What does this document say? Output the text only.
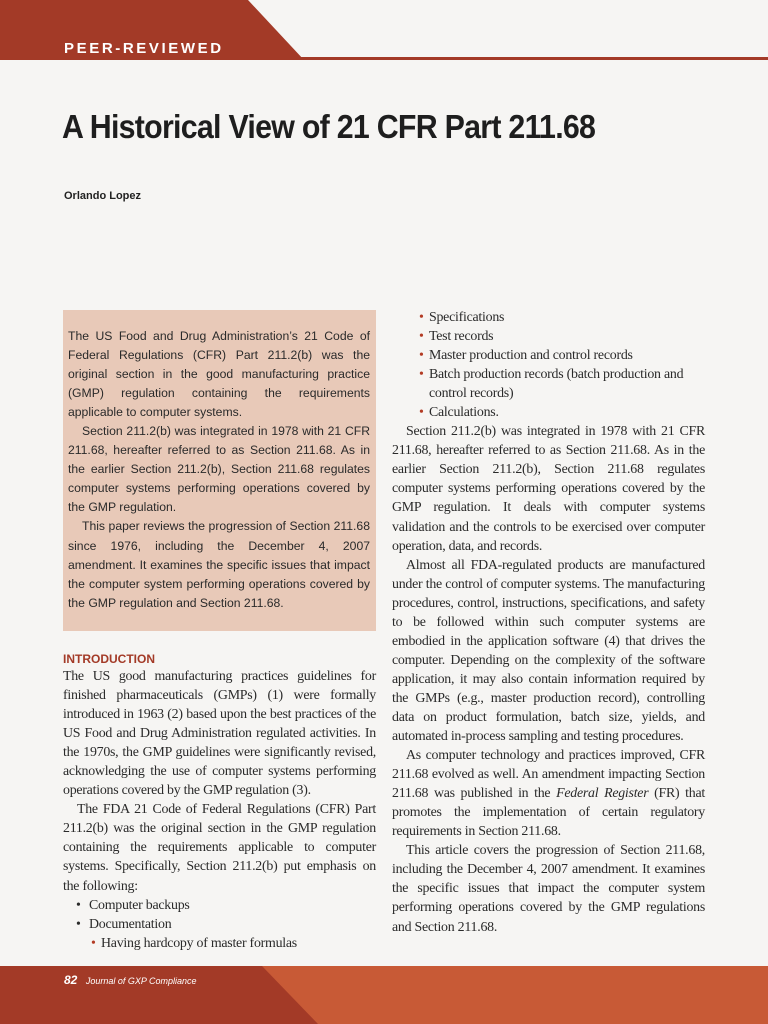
PEER-REVIEWED
A Historical View of 21 CFR Part 211.68
Orlando Lopez

The US Food and Drug Administration’s 21 Code of Federal Regulations (CFR) Part 211.2(b) was the original section in the good manufacturing practice (GMP) regulation containing the requirements applicable to computer systems.

Section 211.2(b) was integrated in 1978 with 21 CFR 211.68, hereafter referred to as Section 211.68. As in the earlier Section 211.2(b), Section 211.68 regulates computer systems performing operations covered by the GMP regulation.

This paper reviews the progression of Section 211.68 since 1976, including the December 4, 2007 amendment. It examines the specific issues that impact the computer system performing operations covered by the GMP regulation and Section 211.68.

INTRODUCTION

The US good manufacturing practices guidelines for finished pharmaceuticals (GMPs) (1) were formally introduced in 1963 (2) based upon the best practices of the US Food and Drug Administration regulated activities. In the 1970s, the GMP guidelines were significantly revised, acknowledging the use of computer systems performing operations covered by the GMP regulation (3).

The FDA 21 Code of Federal Regulations (CFR) Part 211.2(b) was the original section in the GMP regulation containing the requirements applicable to computer systems. Specifically, Section 211.2(b) put emphasis on the following:

• Computer backups
• Documentation
• Having hardcopy of master formulas
• Specifications
• Test records
• Master production and control records
• Batch production records (batch production and control records)
• Calculations.

Section 211.2(b) was integrated in 1978 with 21 CFR 211.68, hereafter referred to as Section 211.68. As in the earlier Section 211.2(b), Section 211.68 regulates computer systems performing operations covered by the GMP regulation. It deals with computer systems validation and the controls to be exercised over computer operation, data, and records.

Almost all FDA-regulated products are manufactured under the control of computer systems. The manufacturing procedures, control, instructions, specifications, and safety to be followed within such computer systems are embodied in the application software (4) that drives the computer. Depending on the complexity of the software application, it may also contain information required by the GMPs (e.g., master production record), controlling data on product formulation, batch size, yields, and automated in-process sampling and testing procedures.

As computer technology and practices improved, CFR 211.68 evolved as well. An amendment impacting Section 211.68 was published in the Federal Register (FR) that promotes the implementation of certain regulatory requirements in Section 211.68.

This article covers the progression of Section 211.68, including the December 4, 2007 amendment. It examines the specific issues that impact the computer system performing operations covered by the GMP regulations and Section 211.68.

82 Journal of GXP Compliance
